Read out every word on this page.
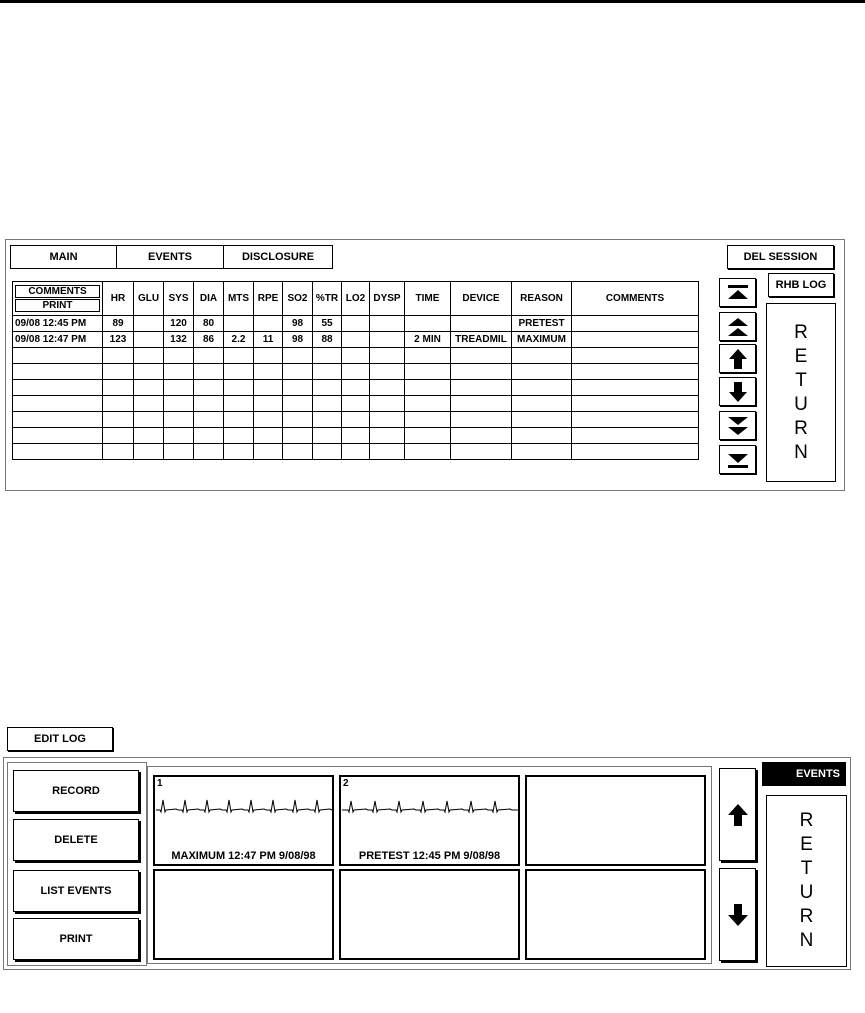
MAIN	EVENTS	DISCLOSURE	DEL SESSION
COMMENTS
PRINT	HR	GLU	SYS	DIA	MTS	RPE	SO2	%TR	LO2	DYSP	TIME	DEVICE	REASON	COMMENTS
09/08 12:45 PM	89		120	80			98	55					PRETEST	
09/08 12:47 PM	123		132	86	2.2	11	98	88			2 MIN	TREADMIL	MAXIMUM	

RHB LOG
R
E
T
U
R
N
EDIT LOG
RECORD
DELETE
LIST EVENTS
PRINT
1
MAXIMUM 12:47 PM 9/08/98
2
PRETEST 12:45 PM 9/08/98
R
E
T
U
R
N
EVENTS
